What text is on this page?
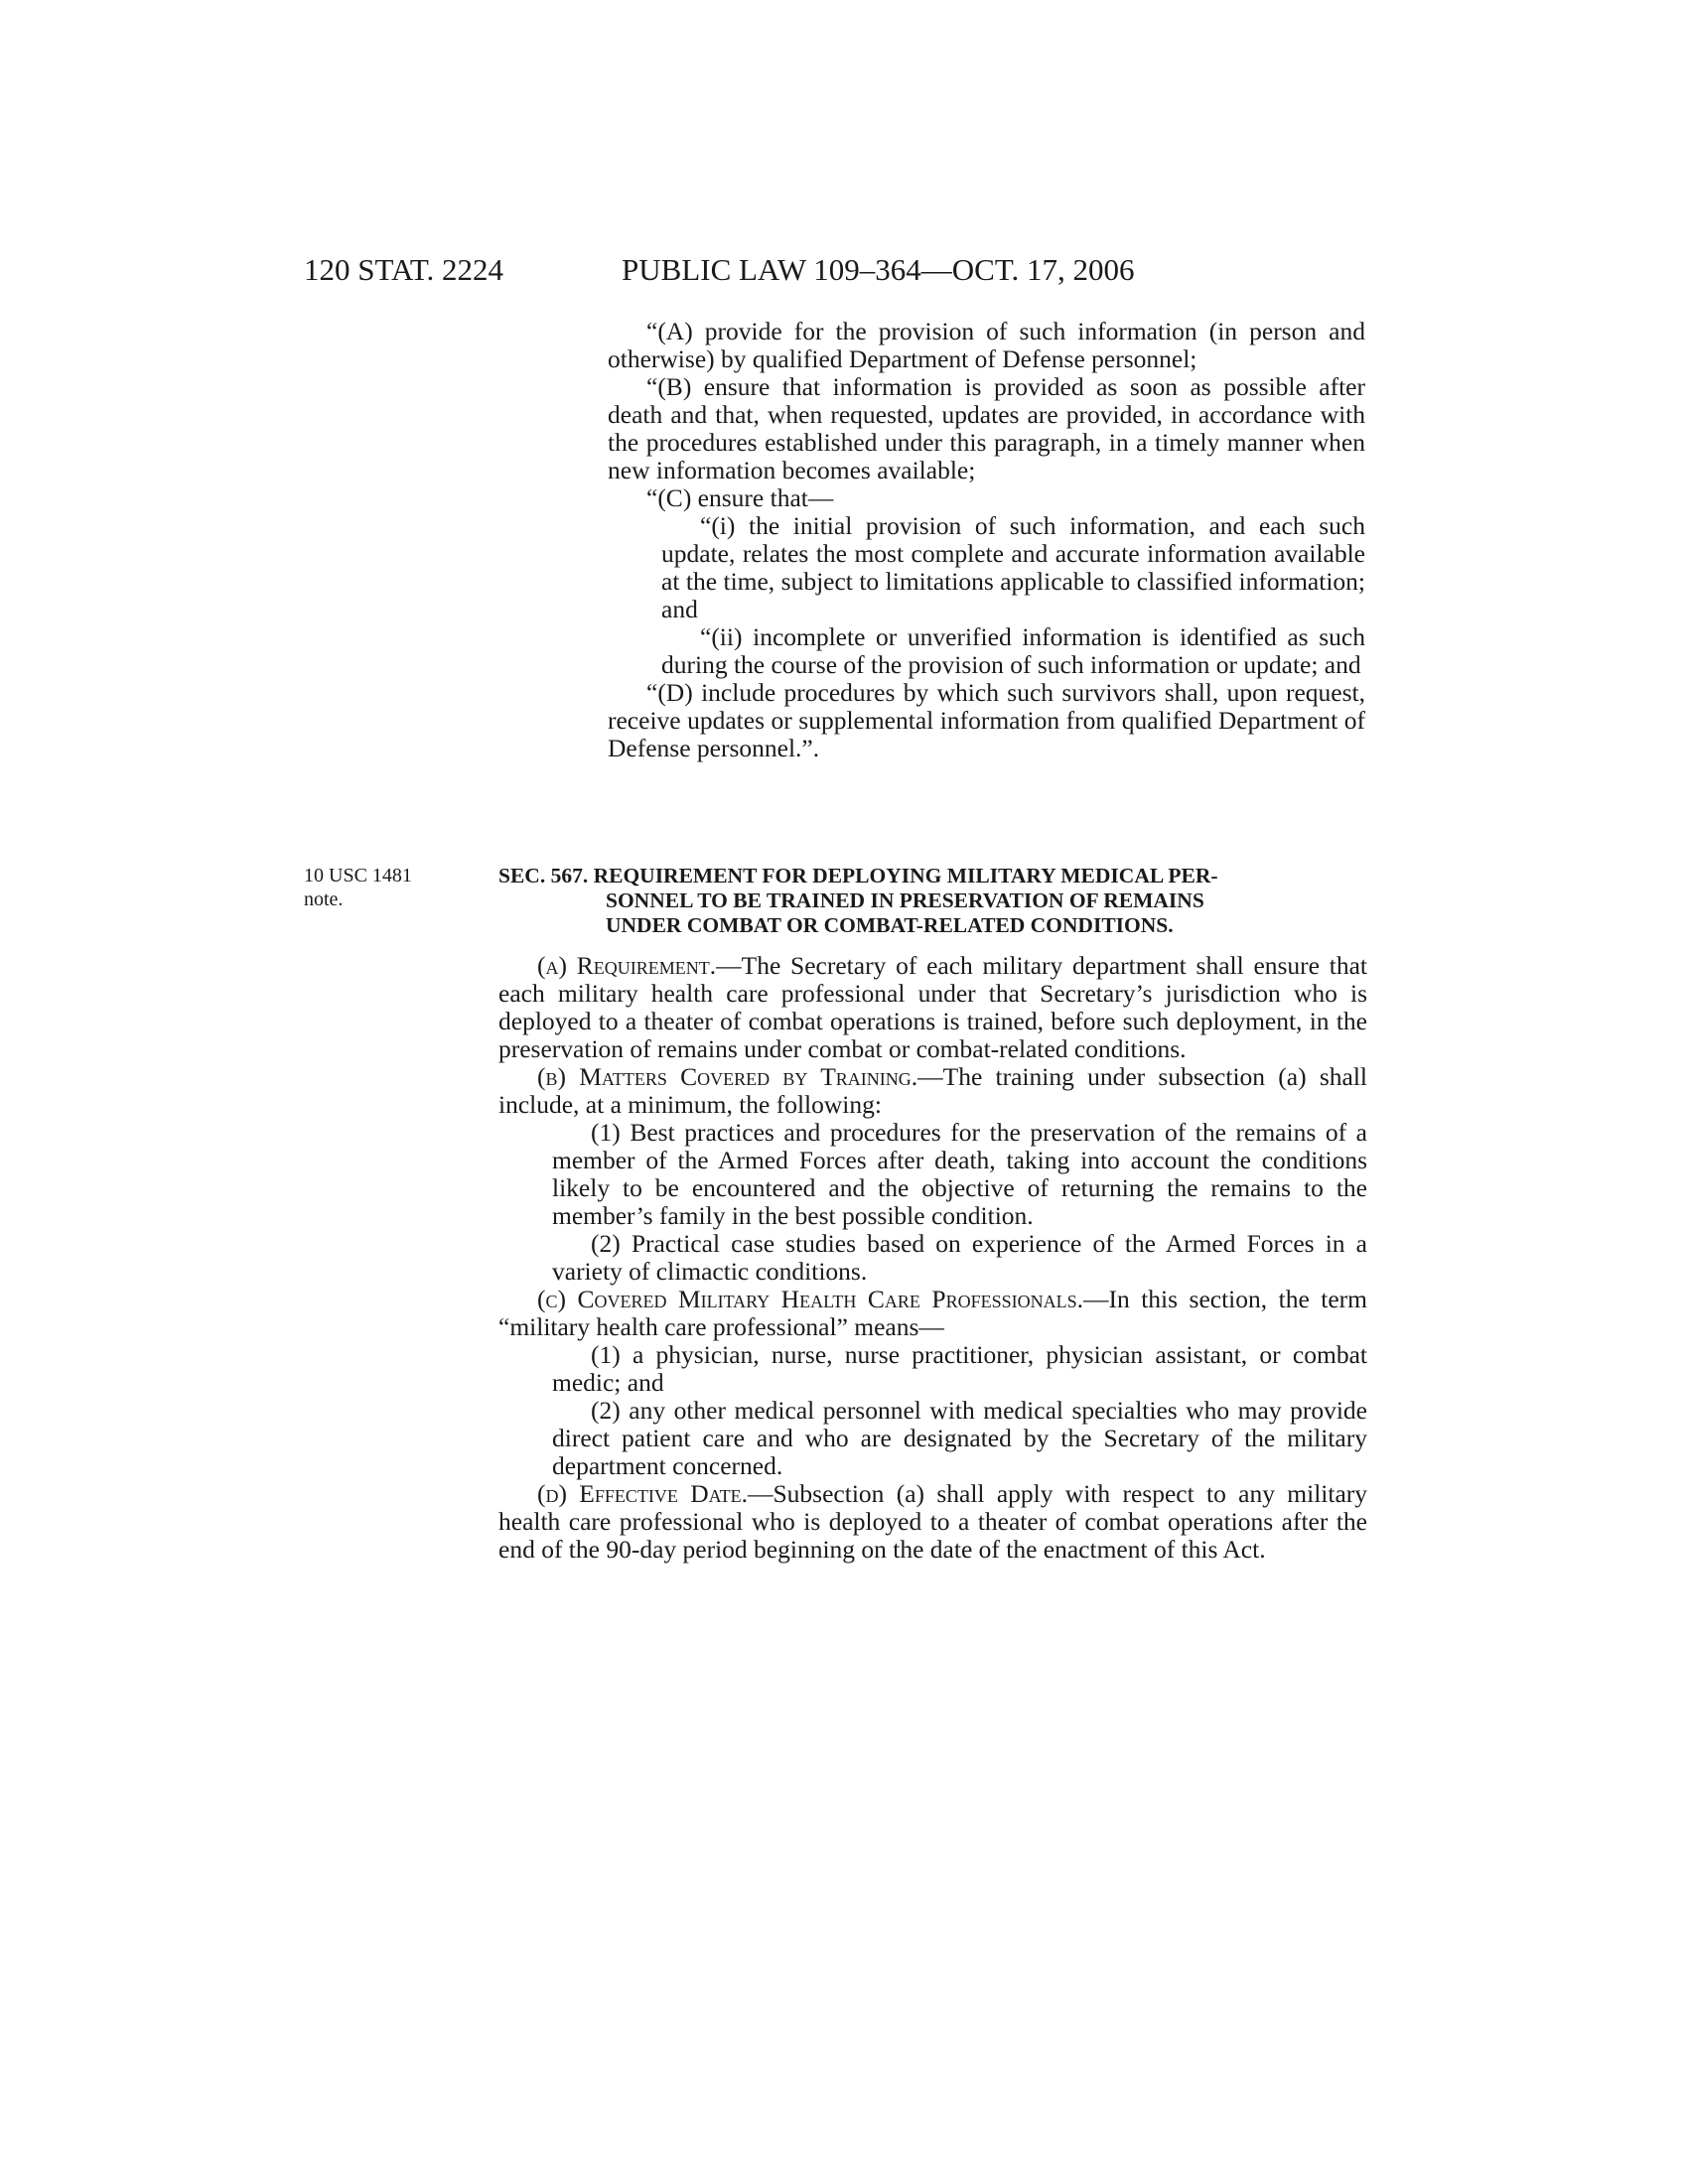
120 STAT. 2224	PUBLIC LAW 109–364—OCT. 17, 2006

“(A) provide for the provision of such information (in person and otherwise) by qualified Department of Defense personnel;

“(B) ensure that information is provided as soon as possible after death and that, when requested, updates are provided, in accordance with the procedures established under this paragraph, in a timely manner when new information becomes available;

“(C) ensure that—

“(i) the initial provision of such information, and each such update, relates the most complete and accurate information available at the time, subject to limitations applicable to classified information; and

“(ii) incomplete or unverified information is identified as such during the course of the provision of such information or update; and

“(D) include procedures by which such survivors shall, upon request, receive updates or supplemental information from qualified Department of Defense personnel.”.

10 USC 1481
note.
SEC. 567. REQUIREMENT FOR DEPLOYING MILITARY MEDICAL PER-
SONNEL TO BE TRAINED IN PRESERVATION OF REMAINS
UNDER COMBAT OR COMBAT-RELATED CONDITIONS.

(a) Requirement.—The Secretary of each military department shall ensure that each military health care professional under that Secretary’s jurisdiction who is deployed to a theater of combat operations is trained, before such deployment, in the preservation of remains under combat or combat-related conditions.

(b) Matters Covered by Training.—The training under subsection (a) shall include, at a minimum, the following:

(1) Best practices and procedures for the preservation of the remains of a member of the Armed Forces after death, taking into account the conditions likely to be encountered and the objective of returning the remains to the member’s family in the best possible condition.

(2) Practical case studies based on experience of the Armed Forces in a variety of climactic conditions.

(c) Covered Military Health Care Professionals.—In this section, the term “military health care professional” means—

(1) a physician, nurse, nurse practitioner, physician assistant, or combat medic; and

(2) any other medical personnel with medical specialties who may provide direct patient care and who are designated by the Secretary of the military department concerned.

(d) Effective Date.—Subsection (a) shall apply with respect to any military health care professional who is deployed to a theater of combat operations after the end of the 90-day period beginning on the date of the enactment of this Act.
